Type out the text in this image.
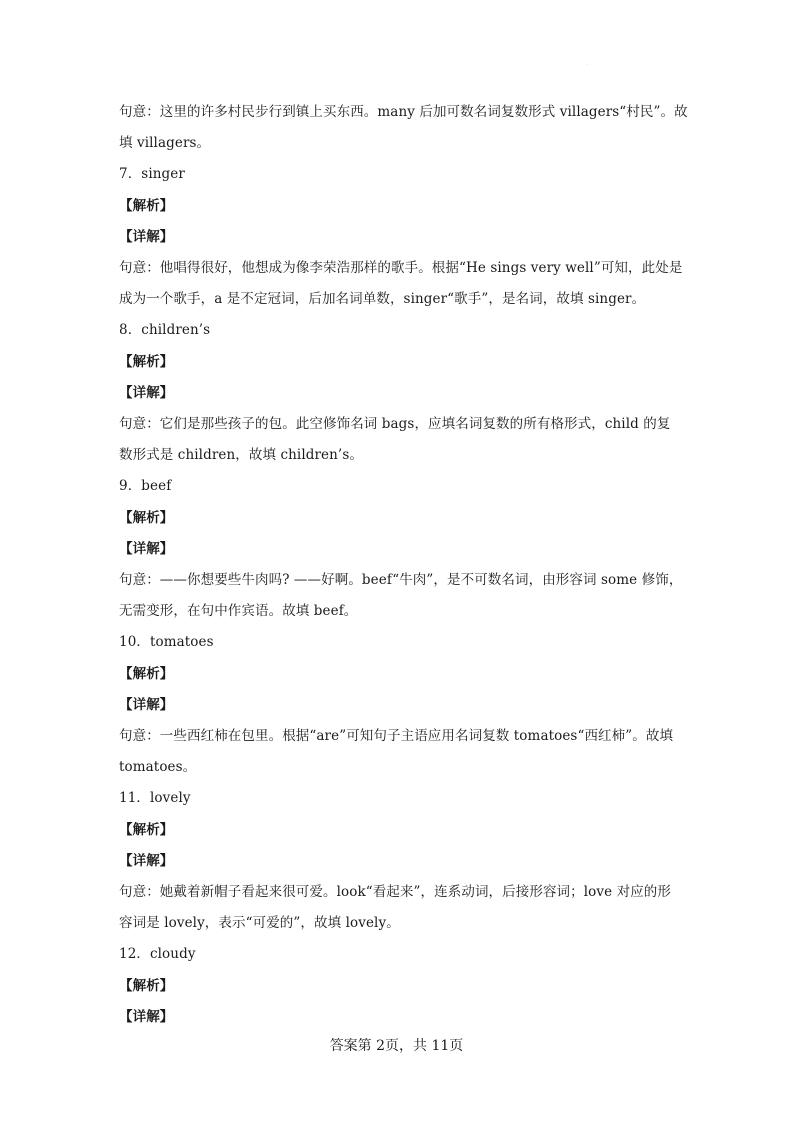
·
句意：这里的许多村民步行到镇上买东西。many 后加可数名词复数形式 villagers“村民”。故
填 villagers。
7．singer
【解析】
【详解】
句意：他唱得很好，他想成为像李荣浩那样的歌手。根据“He sings very well”可知，此处是
成为一个歌手，a 是不定冠词，后加名词单数，singer“歌手”，是名词，故填 singer。
8．children’s
【解析】
【详解】
句意：它们是那些孩子的包。此空修饰名词 bags，应填名词复数的所有格形式，child 的复
数形式是 children，故填 children’s。
9．beef
【解析】
【详解】
句意：——你想要些牛肉吗? ——好啊。beef“牛肉”，是不可数名词，由形容词 some 修饰，
无需变形，在句中作宾语。故填 beef。
10．tomatoes
【解析】
【详解】
句意：一些西红柿在包里。根据“are”可知句子主语应用名词复数 tomatoes“西红柿”。故填
tomatoes。
11．lovely
【解析】
【详解】
句意：她戴着新帽子看起来很可爱。look“看起来”，连系动词，后接形容词；love 对应的形
容词是 lovely，表示“可爱的”，故填 lovely。
12．cloudy
【解析】
【详解】
答案第 2页，共 11页
